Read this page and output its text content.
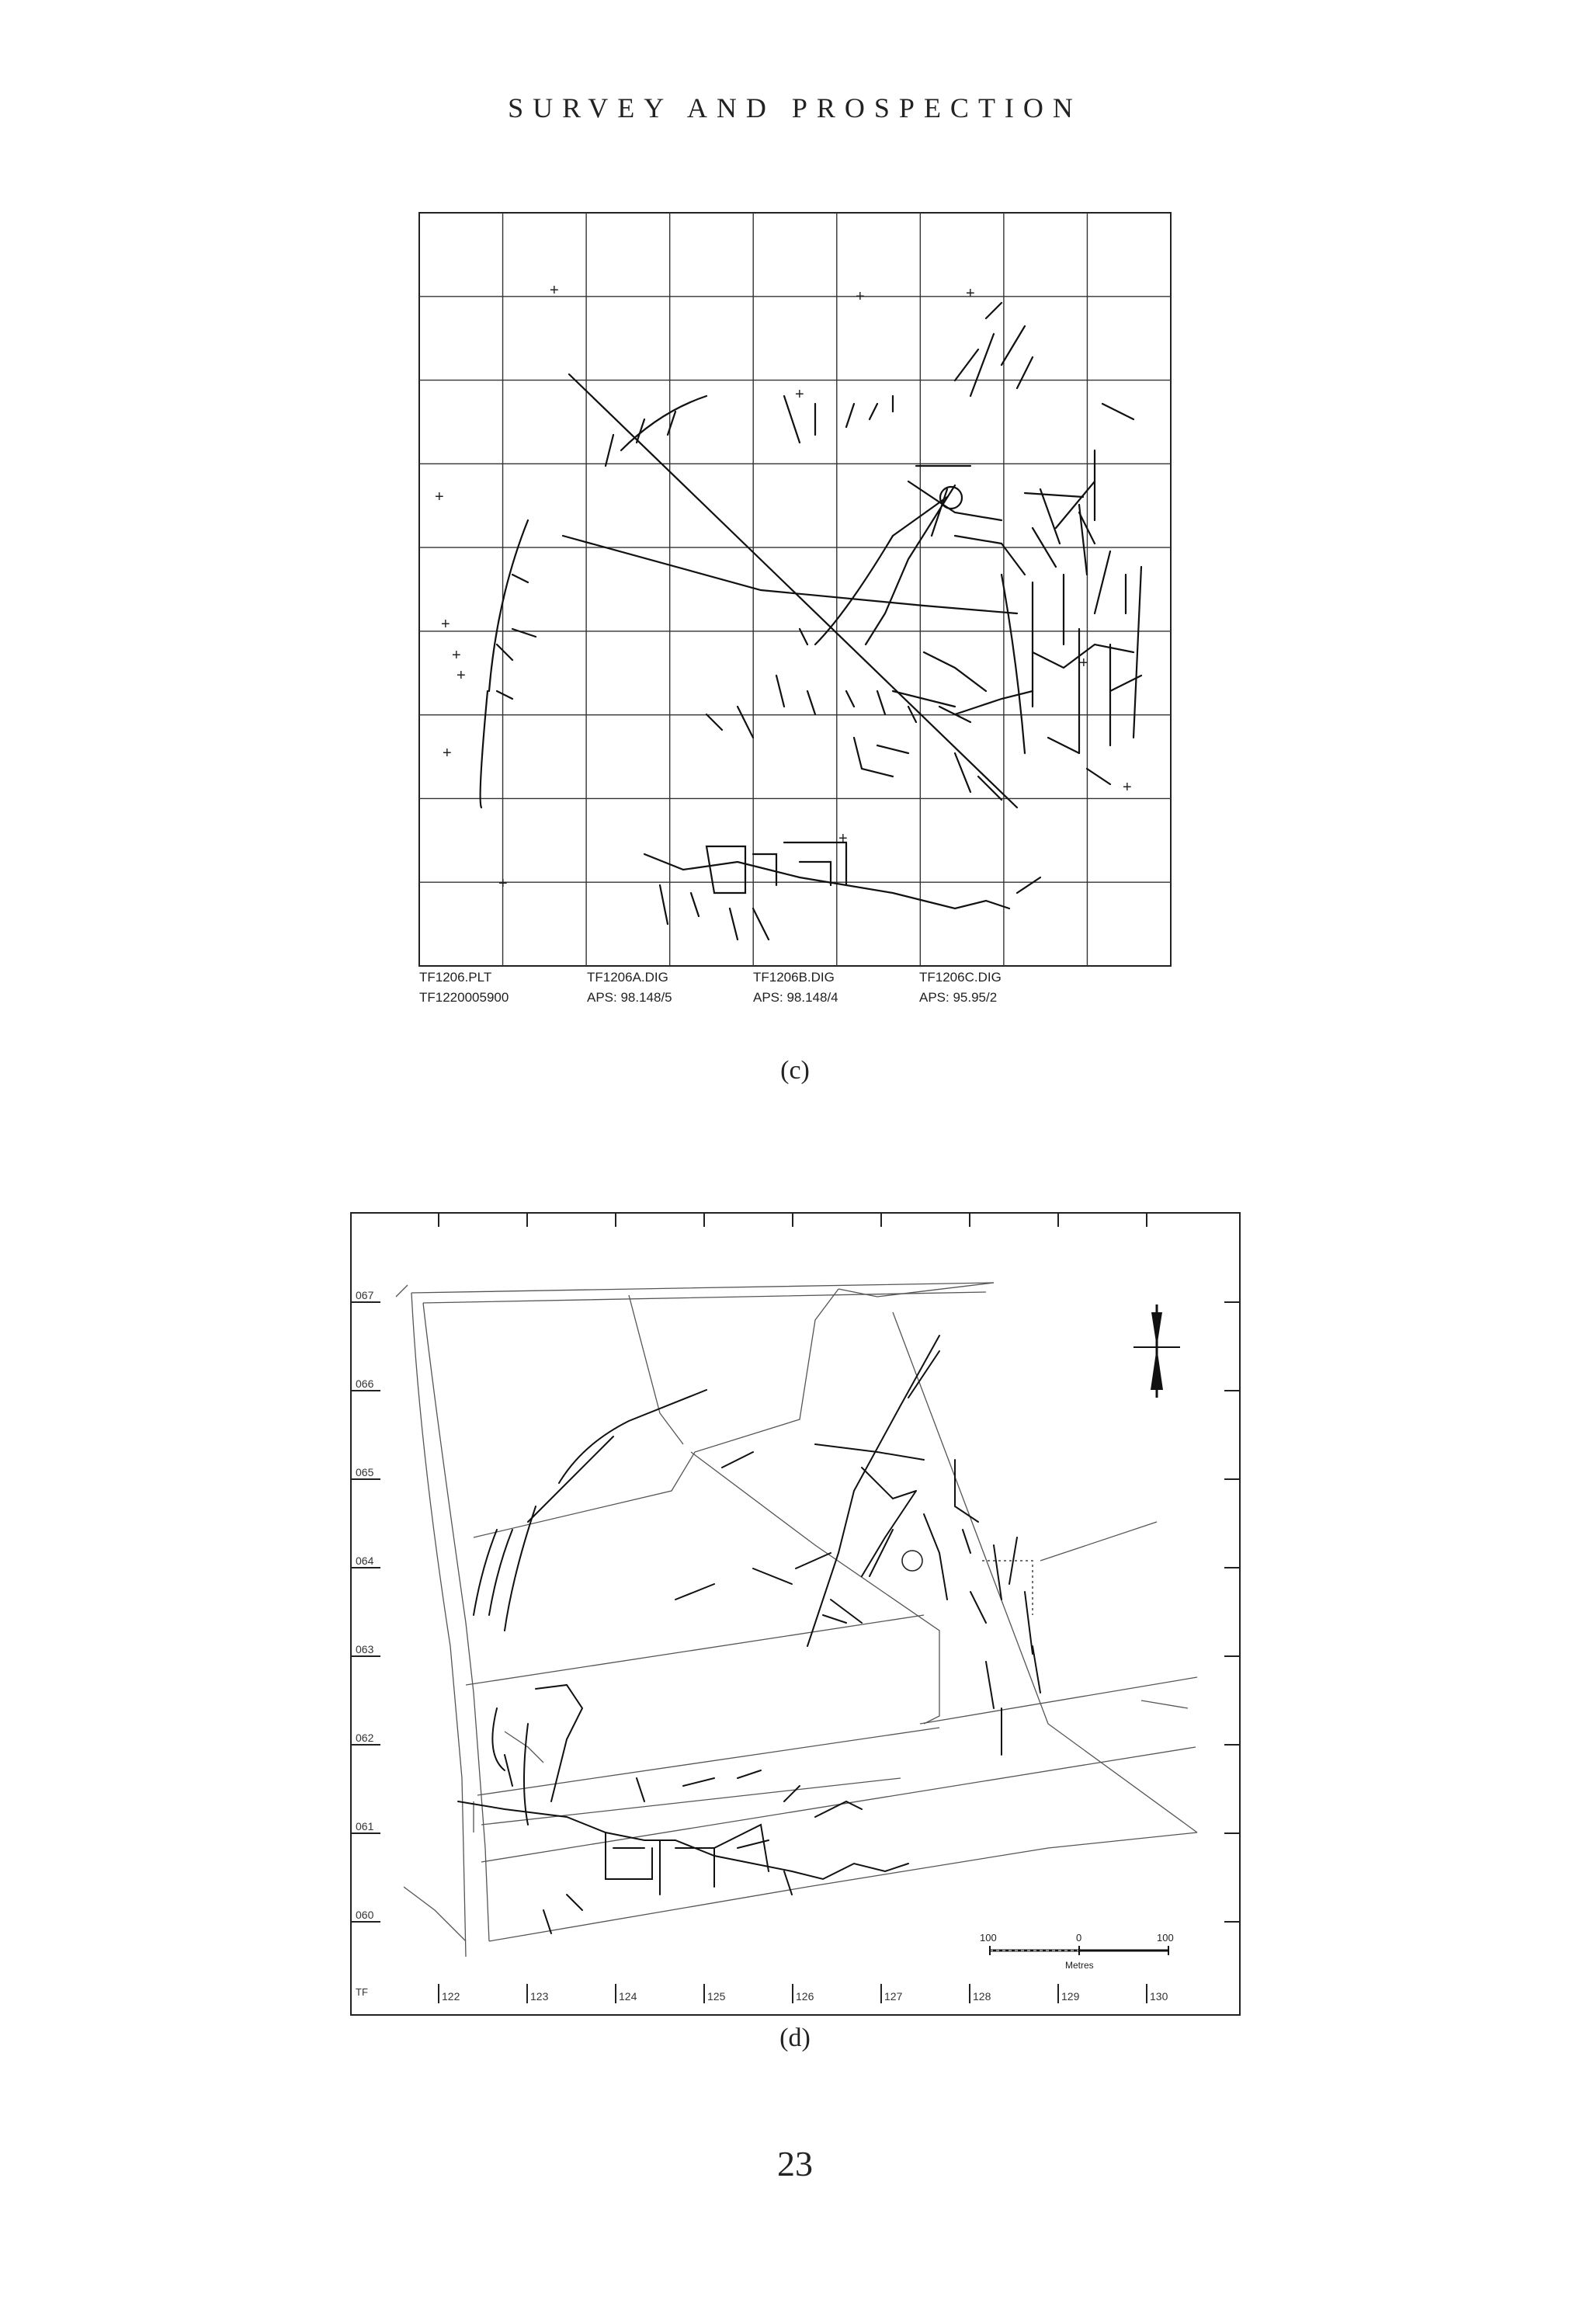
SURVEY AND PROSPECTION
+	+	+
+
+
+
+
+
+
+
+
+
+
TF1206.PLT
TF1220005900
TF1206A.DIG
APS: 98.148/5
TF1206B.DIG
APS: 98.148/4
TF1206C.DIG
APS: 95.95/2
(c)
122	123	124	125	126	127	128	129	130
067
066
065
064
063
062
061
060
100	0	100
Metres
TF
(d)
23
